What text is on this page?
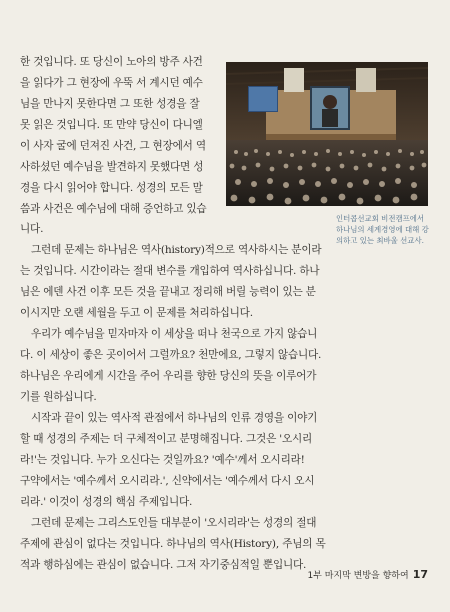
한 것입니다. 또 당신이 노아의 방주 사건
을 읽다가 그 현장에 우뚝 서 계시던 예수
님을 만나지 못한다면 그 또한 성경을 잘
못 읽은 것입니다. 또 만약 당신이 다니엘
이 사자 굴에 던져진 사건, 그 현장에서 역
사하셨던 예수님을 발견하지 못했다면 성
경을 다시 읽어야 합니다. 성경의 모든 말
씀과 사건은 예수님에 대해 증언하고 있습
니다.
그런데 문제는 하나님은 역사(history)적으로 역사하시는 분이라
는 것입니다. 시간이라는 절대 변수를 개입하여 역사하십니다. 하나
님은 에덴 사건 이후 모든 것을 끝내고 정리해 버릴 능력이 있는 분
이시지만 오랜 세월을 두고 이 문제를 처리하십니다.
우리가 예수님을 믿자마자 이 세상을 떠나 천국으로 가지 않습니
다. 이 세상이 좋은 곳이어서 그럴까요? 천만에요, 그렇지 않습니다.
하나님은 우리에게 시간을 주어 우리를 향한 당신의 뜻을 이루어가
기를 원하십니다.
시작과 끝이 있는 역사적 관점에서 하나님의 인류 경영을 이야기
할 때 성경의 주제는 더 구체적이고 분명해집니다. 그것은 '오시리
라!'는 것입니다. 누가 오신다는 것일까요? '예수'께서 오시리라!
구약에서는 '예수께서 오시리라.', 신약에서는 '예수께서 다시 오시
리라.' 이것이 성경의 핵심 주제입니다.
그런데 문제는 그리스도인들 대부분이 '오시리라'는 성경의 절대
주제에 관심이 없다는 것입니다. 하나님의 역사(History), 주님의 목
적과 행하심에는 관심이 없습니다. 그저 자기중심적일 뿐입니다.
인터콥선교회 비전캠프에서 하나님의 세계경영에 대해 강의하고 있는 최바울 선교사.
1부 마지막 변방을 향하여 17
